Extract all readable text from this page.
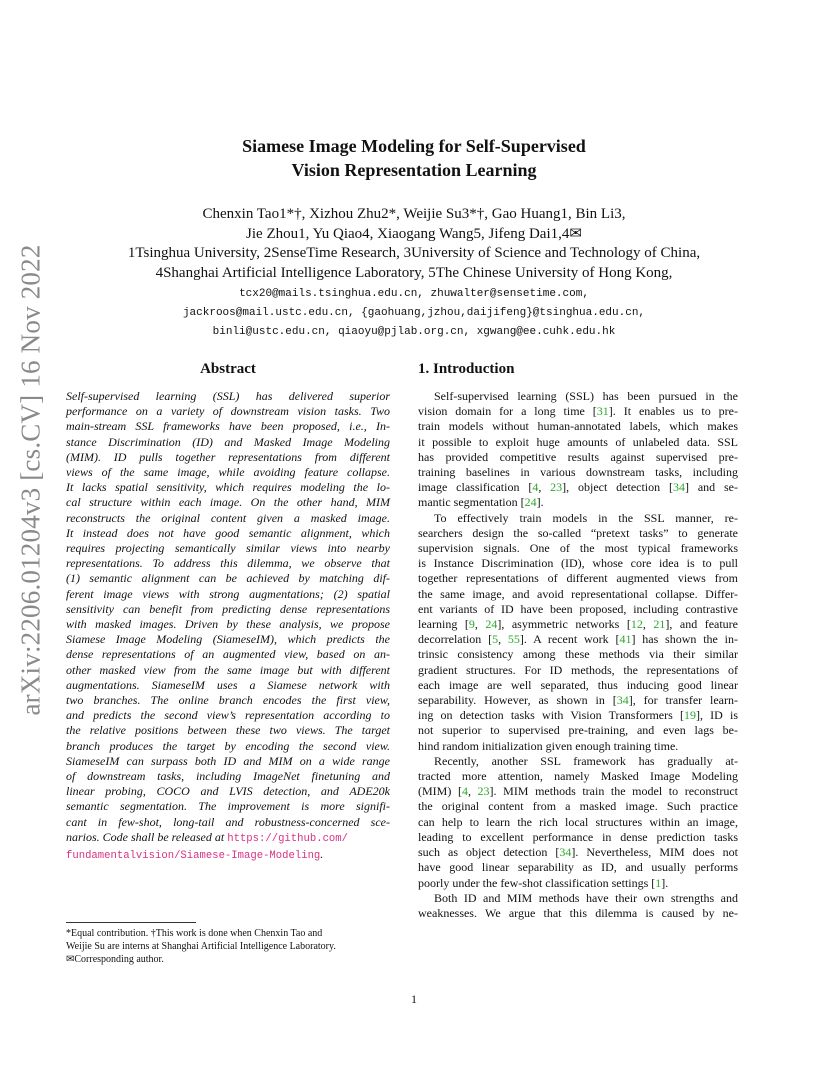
arXiv:2206.01204v3 [cs.CV] 16 Nov 2022
Siamese Image Modeling for Self-Supervised
Vision Representation Learning
Chenxin Tao1*†, Xizhou Zhu2*, Weijie Su3*†, Gao Huang1, Bin Li3,
Jie Zhou1, Yu Qiao4, Xiaogang Wang5, Jifeng Dai1,4✉
1Tsinghua University, 2SenseTime Research, 3University of Science and Technology of China,
4Shanghai Artificial Intelligence Laboratory, 5The Chinese University of Hong Kong,
tcx20@mails.tsinghua.edu.cn, zhuwalter@sensetime.com,
jackroos@mail.ustc.edu.cn, {gaohuang,jzhou,daijifeng}@tsinghua.edu.cn,
binli@ustc.edu.cn, qiaoyu@pjlab.org.cn, xgwang@ee.cuhk.edu.hk
Abstract	1. Introduction
Self-supervised learning (SSL) has delivered superior
performance on a variety of downstream vision tasks. Two
main-stream SSL frameworks have been proposed, i.e., In-
stance Discrimination (ID) and Masked Image Modeling
(MIM). ID pulls together representations from different
views of the same image, while avoiding feature collapse.
It lacks spatial sensitivity, which requires modeling the lo-
cal structure within each image. On the other hand, MIM
reconstructs the original content given a masked image.
It instead does not have good semantic alignment, which
requires projecting semantically similar views into nearby
representations. To address this dilemma, we observe that
(1) semantic alignment can be achieved by matching dif-
ferent image views with strong augmentations; (2) spatial
sensitivity can benefit from predicting dense representations
with masked images. Driven by these analysis, we propose
Siamese Image Modeling (SiameseIM), which predicts the
dense representations of an augmented view, based on an-
other masked view from the same image but with different
augmentations. SiameseIM uses a Siamese network with
two branches. The online branch encodes the first view,
and predicts the second view’s representation according to
the relative positions between these two views. The target
branch produces the target by encoding the second view.
SiameseIM can surpass both ID and MIM on a wide range
of downstream tasks, including ImageNet finetuning and
linear probing, COCO and LVIS detection, and ADE20k
semantic segmentation. The improvement is more signifi-
cant in few-shot, long-tail and robustness-concerned sce-
narios. Code shall be released at https://github.com/
fundamentalvision/Siamese-Image-Modeling.
Self-supervised learning (SSL) has been pursued in the
vision domain for a long time [31]. It enables us to pre-
train models without human-annotated labels, which makes
it possible to exploit huge amounts of unlabeled data. SSL
has provided competitive results against supervised pre-
training baselines in various downstream tasks, including
image classification [4, 23], object detection [34] and se-
mantic segmentation [24].
To effectively train models in the SSL manner, re-
searchers design the so-called “pretext tasks” to generate
supervision signals. One of the most typical frameworks
is Instance Discrimination (ID), whose core idea is to pull
together representations of different augmented views from
the same image, and avoid representational collapse. Differ-
ent variants of ID have been proposed, including contrastive
learning [9, 24], asymmetric networks [12, 21], and feature
decorrelation [5, 55]. A recent work [41] has shown the in-
trinsic consistency among these methods via their similar
gradient structures. For ID methods, the representations of
each image are well separated, thus inducing good linear
separability. However, as shown in [34], for transfer learn-
ing on detection tasks with Vision Transformers [19], ID is
not superior to supervised pre-training, and even lags be-
hind random initialization given enough training time.
Recently, another SSL framework has gradually at-
tracted more attention, namely Masked Image Modeling
(MIM) [4, 23]. MIM methods train the model to reconstruct
the original content from a masked image. Such practice
can help to learn the rich local structures within an image,
leading to excellent performance in dense prediction tasks
such as object detection [34]. Nevertheless, MIM does not
have good linear separability as ID, and usually performs
poorly under the few-shot classification settings [1].
Both ID and MIM methods have their own strengths and
weaknesses. We argue that this dilemma is caused by ne-
*Equal contribution. †This work is done when Chenxin Tao and
Weijie Su are interns at Shanghai Artificial Intelligence Laboratory.
✉Corresponding author.
1
